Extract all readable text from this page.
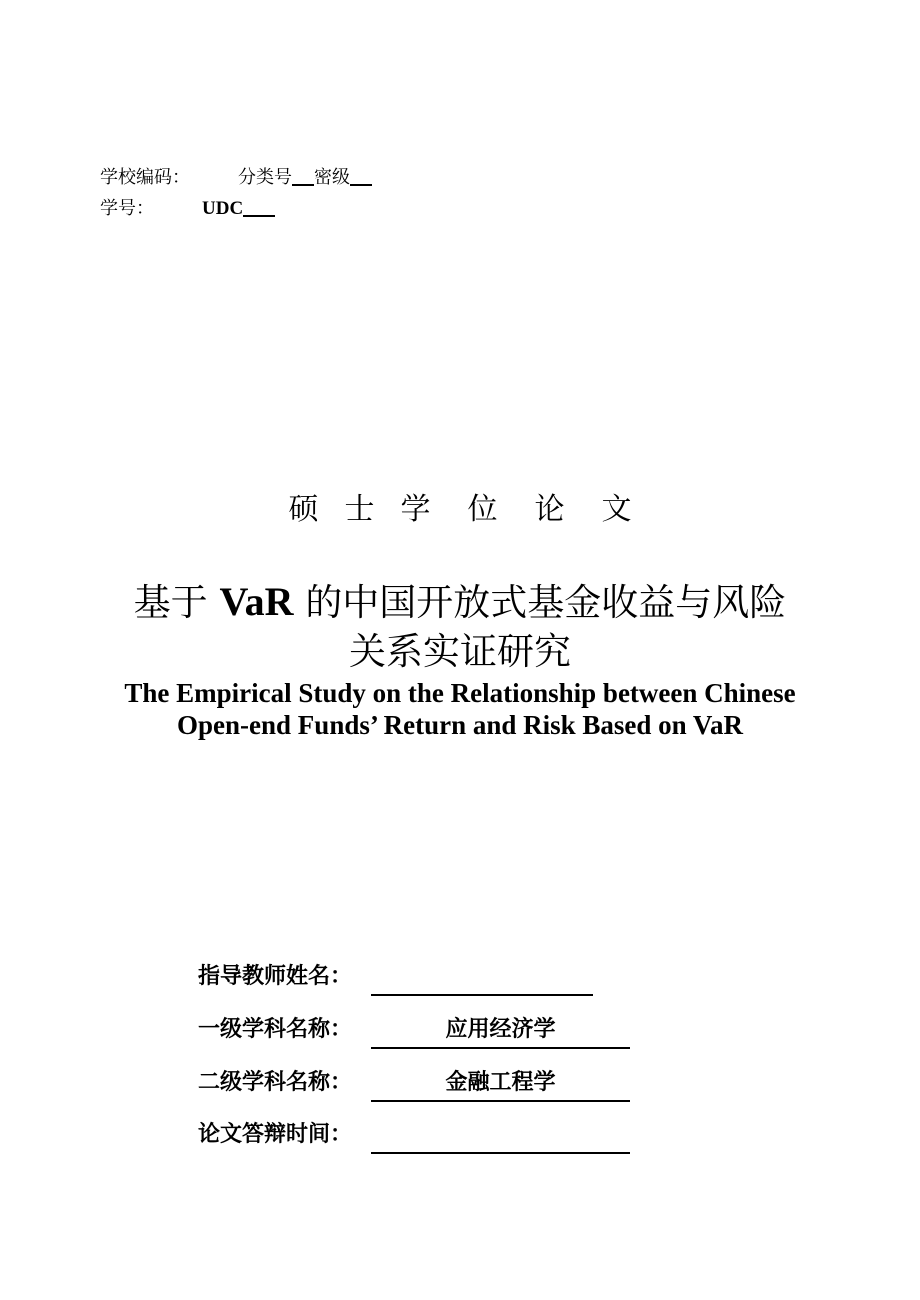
学校编码：	分类号 密级
学号：	UDC
硕 士 学 位 论 文
基于 VaR 的中国开放式基金收益与风险
关系实证研究
The Empirical Study on the Relationship between Chinese
Open-end Funds’ Return and Risk Based on VaR
指导教师姓名：
一级学科名称：	应用经济学
二级学科名称：	金融工程学
论文答辩时间：
